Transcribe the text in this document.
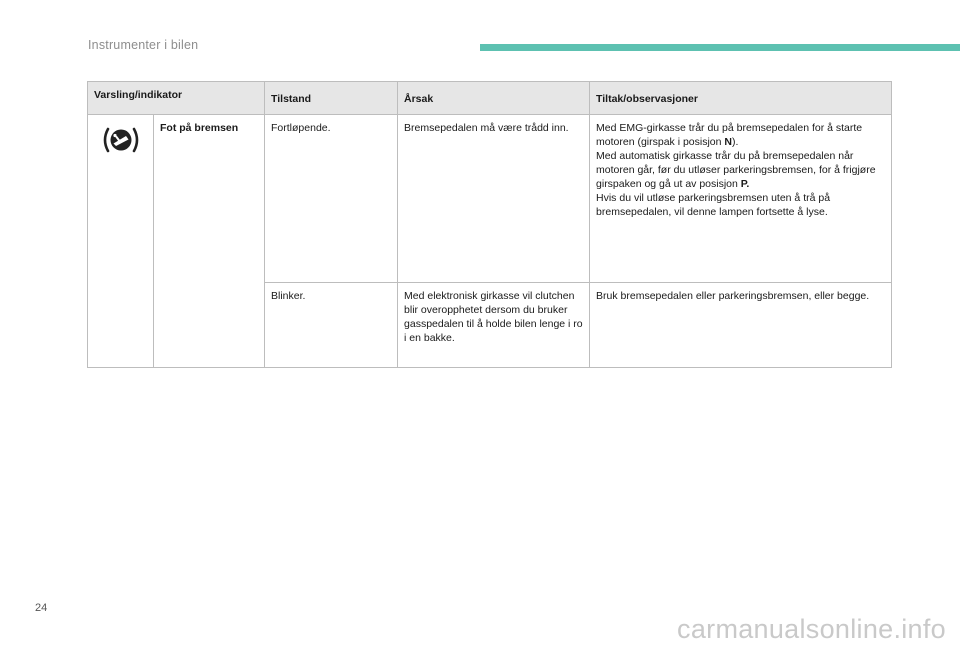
Instrumenter i bilen
Varsling/indikator		Tilstand	Årsak	Tiltak/observasjoner
	Fot på bremsen	Fortløpende.	Bremsepedalen må være trådd inn.	Med EMG-girkasse trår du på bremsepedalen for å starte motoren (girspak i posisjon N).
Med automatisk girkasse trår du på bremsepedalen når motoren går, før du utløser parkeringsbremsen, for å frigjøre girspaken og gå ut av posisjon P.
Hvis du vil utløse parkeringsbremsen uten å trå på bremsepedalen, vil denne lampen fortsette å lyse.
		Blinker.	Med elektronisk girkasse vil clutchen blir overopphetet dersom du bruker gasspedalen til å holde bilen lenge i ro i en bakke.	Bruk bremsepedalen eller parkeringsbremsen, eller begge.
24
carmanualsonline.info
